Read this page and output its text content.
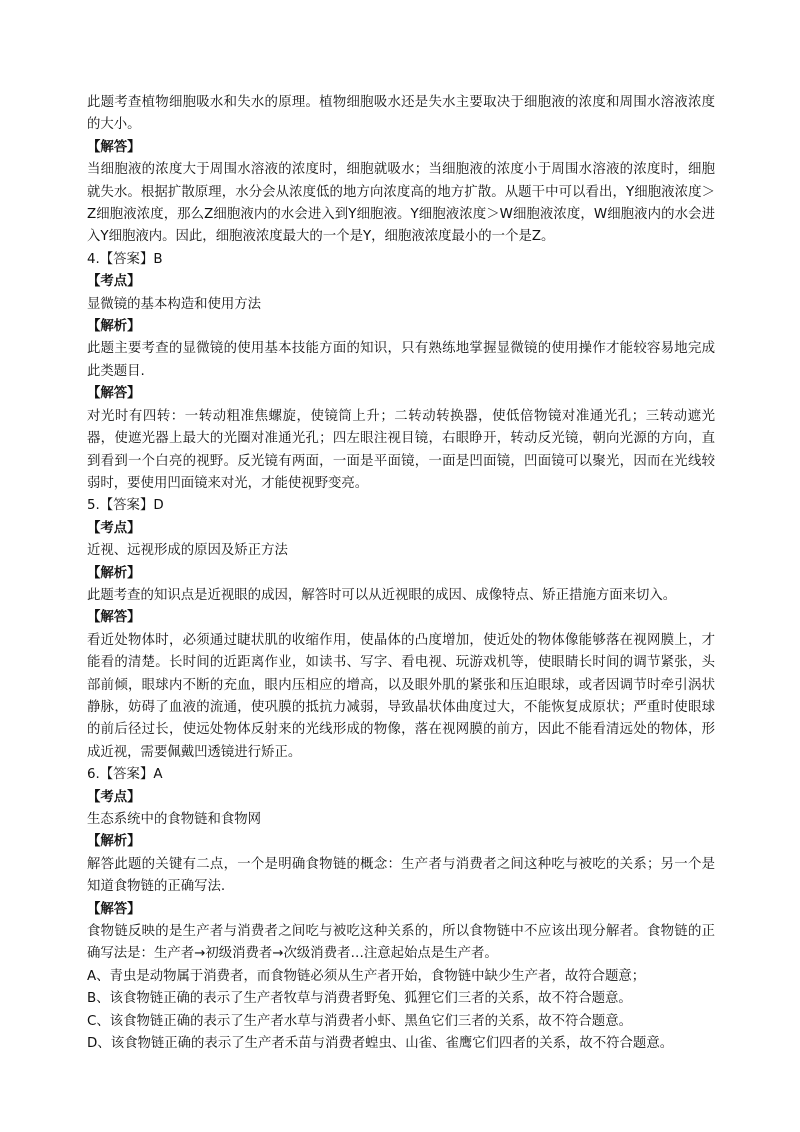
此题考查植物细胞吸水和失水的原理。植物细胞吸水还是失水主要取决于细胞液的浓度和周围水溶液浓度的大小。

【解答】

当细胞液的浓度大于周围水溶液的浓度时，细胞就吸水；当细胞液的浓度小于周围水溶液的浓度时，细胞就失水。根据扩散原理，水分会从浓度低的地方向浓度高的地方扩散。从题干中可以看出，Y细胞液浓度＞Z细胞液浓度，那么Z细胞液内的水会进入到Y细胞液。Y细胞液浓度＞W细胞液浓度，W细胞液内的水会进入Y细胞液内。因此，细胞液浓度最大的一个是Y，细胞液浓度最小的一个是Z。

4.【答案】B

【考点】

显微镜的基本构造和使用方法

【解析】

此题主要考查的显微镜的使用基本技能方面的知识，只有熟练地掌握显微镜的使用操作才能较容易地完成此类题目.

【解答】

对光时有四转：一转动粗准焦螺旋，使镜筒上升；二转动转换器，使低倍物镜对准通光孔；三转动遮光器，使遮光器上最大的光圈对准通光孔；四左眼注视目镜，右眼睁开，转动反光镜，朝向光源的方向，直到看到一个白亮的视野。反光镜有两面，一面是平面镜，一面是凹面镜，凹面镜可以聚光，因而在光线较弱时，要使用凹面镜来对光，才能使视野变亮。

5.【答案】D

【考点】

近视、远视形成的原因及矫正方法

【解析】

此题考查的知识点是近视眼的成因，解答时可以从近视眼的成因、成像特点、矫正措施方面来切入。

【解答】

看近处物体时，必须通过睫状肌的收缩作用，使晶体的凸度增加，使近处的物体像能够落在视网膜上，才能看的清楚。长时间的近距离作业，如读书、写字、看电视、玩游戏机等，使眼睛长时间的调节紧张，头部前倾，眼球内不断的充血，眼内压相应的增高，以及眼外肌的紧张和压迫眼球，或者因调节时牵引涡状静脉，妨碍了血液的流通，使巩膜的抵抗力减弱，导致晶状体曲度过大，不能恢复成原状；严重时使眼球的前后径过长，使远处物体反射来的光线形成的物像，落在视网膜的前方，因此不能看清远处的物体，形成近视，需要佩戴凹透镜进行矫正。

6.【答案】A

【考点】

生态系统中的食物链和食物网

【解析】

解答此题的关键有二点，一个是明确食物链的概念：生产者与消费者之间这种吃与被吃的关系；另一个是知道食物链的正确写法.

【解答】

食物链反映的是生产者与消费者之间吃与被吃这种关系的，所以食物链中不应该出现分解者。食物链的正确写法是：生产者→初级消费者→次级消费者…注意起始点是生产者。

A、青虫是动物属于消费者，而食物链必须从生产者开始，食物链中缺少生产者，故符合题意；

B、该食物链正确的表示了生产者牧草与消费者野兔、狐狸它们三者的关系，故不符合题意。

C、该食物链正确的表示了生产者水草与消费者小虾、黑鱼它们三者的关系，故不符合题意。

D、该食物链正确的表示了生产者禾苗与消费者蝗虫、山雀、雀鹰它们四者的关系，故不符合题意。
